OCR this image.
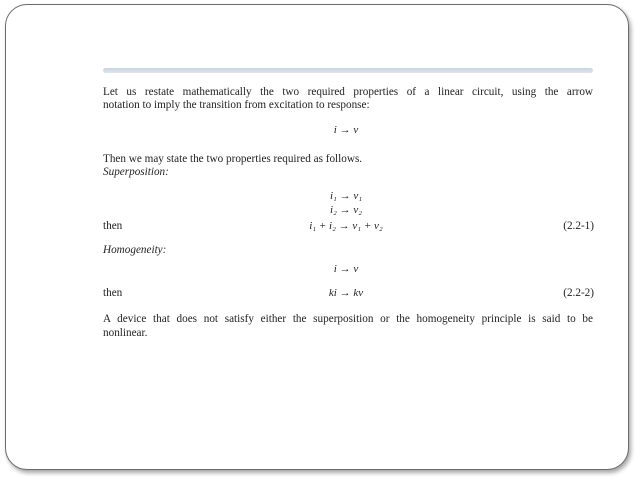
Let us restate mathematically the two required properties of a linear circuit, using the arrow
notation to imply the transition from excitation to response:
i → v
Then we may state the two properties required as follows.
Superposition:
i₁ → v₁
i₂ → v₂
then	i₁ + i₂ → v₁ + v₂	(2.2-1)
Homogeneity:
i → v
then	ki → kv	(2.2-2)
A device that does not satisfy either the superposition or the homogeneity principle is said to be
nonlinear.
